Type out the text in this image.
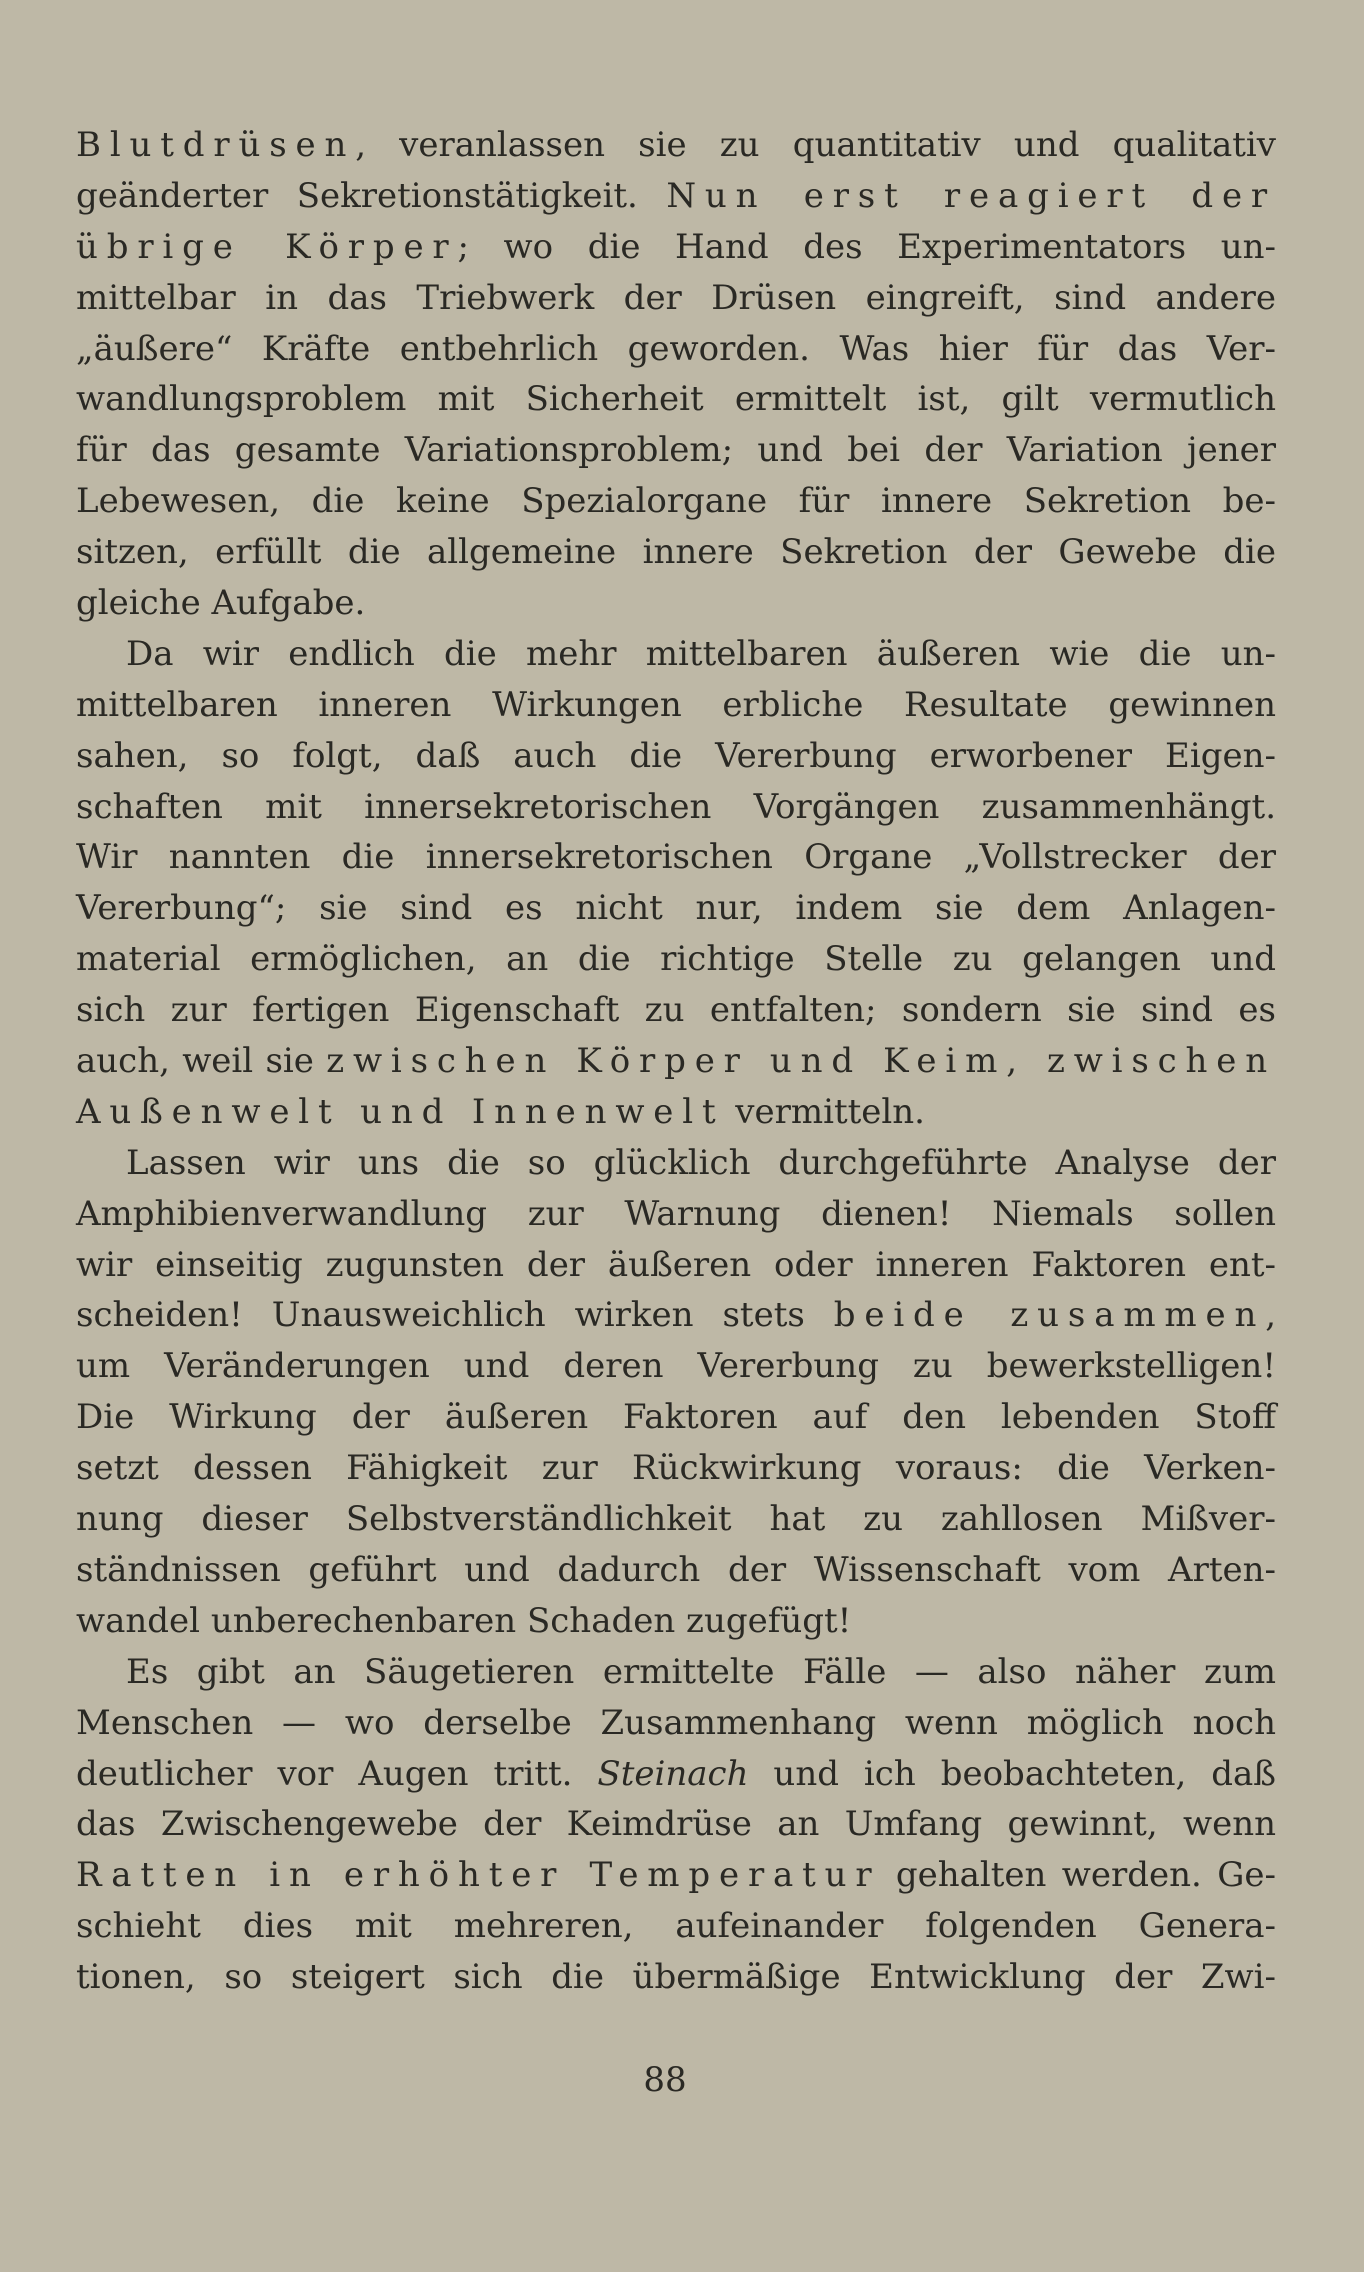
Blutdrüsen, veranlassen sie zu quantitativ und qualitativ
geänderter Sekretionstätigkeit. Nun erst reagiert der
übrige Körper; wo die Hand des Experimentators un-
mittelbar in das Triebwerk der Drüsen eingreift, sind andere
„äußere“ Kräfte entbehrlich geworden. Was hier für das Ver-
wandlungsproblem mit Sicherheit ermittelt ist, gilt vermutlich
für das gesamte Variationsproblem; und bei der Variation jener
Lebewesen, die keine Spezialorgane für innere Sekretion be-
sitzen, erfüllt die allgemeine innere Sekretion der Gewebe die
gleiche Aufgabe.
Da wir endlich die mehr mittelbaren äußeren wie die un-
mittelbaren inneren Wirkungen erbliche Resultate gewinnen
sahen, so folgt, daß auch die Vererbung erworbener Eigen-
schaften mit innersekretorischen Vorgängen zusammenhängt.
Wir nannten die innersekretorischen Organe „Vollstrecker der
Vererbung“; sie sind es nicht nur, indem sie dem Anlagen-
material ermöglichen, an die richtige Stelle zu gelangen und
sich zur fertigen Eigenschaft zu entfalten; sondern sie sind es
auch, weil sie zwischen Körper und Keim, zwischen
Außenwelt und Innenwelt vermitteln.
Lassen wir uns die so glücklich durchgeführte Analyse der
Amphibienverwandlung zur Warnung dienen! Niemals sollen
wir einseitig zugunsten der äußeren oder inneren Faktoren ent-
scheiden! Unausweichlich wirken stets beide zusammen,
um Veränderungen und deren Vererbung zu bewerkstelligen!
Die Wirkung der äußeren Faktoren auf den lebenden Stoff
setzt dessen Fähigkeit zur Rückwirkung voraus: die Verken-
nung dieser Selbstverständlichkeit hat zu zahllosen Mißver-
ständnissen geführt und dadurch der Wissenschaft vom Arten-
wandel unberechenbaren Schaden zugefügt!
Es gibt an Säugetieren ermittelte Fälle — also näher zum
Menschen — wo derselbe Zusammenhang wenn möglich noch
deutlicher vor Augen tritt. Steinach und ich beobachteten, daß
das Zwischengewebe der Keimdrüse an Umfang gewinnt, wenn
Ratten in erhöhter Temperatur gehalten werden. Ge-
schieht dies mit mehreren, aufeinander folgenden Genera-
tionen, so steigert sich die übermäßige Entwicklung der Zwi-
88
